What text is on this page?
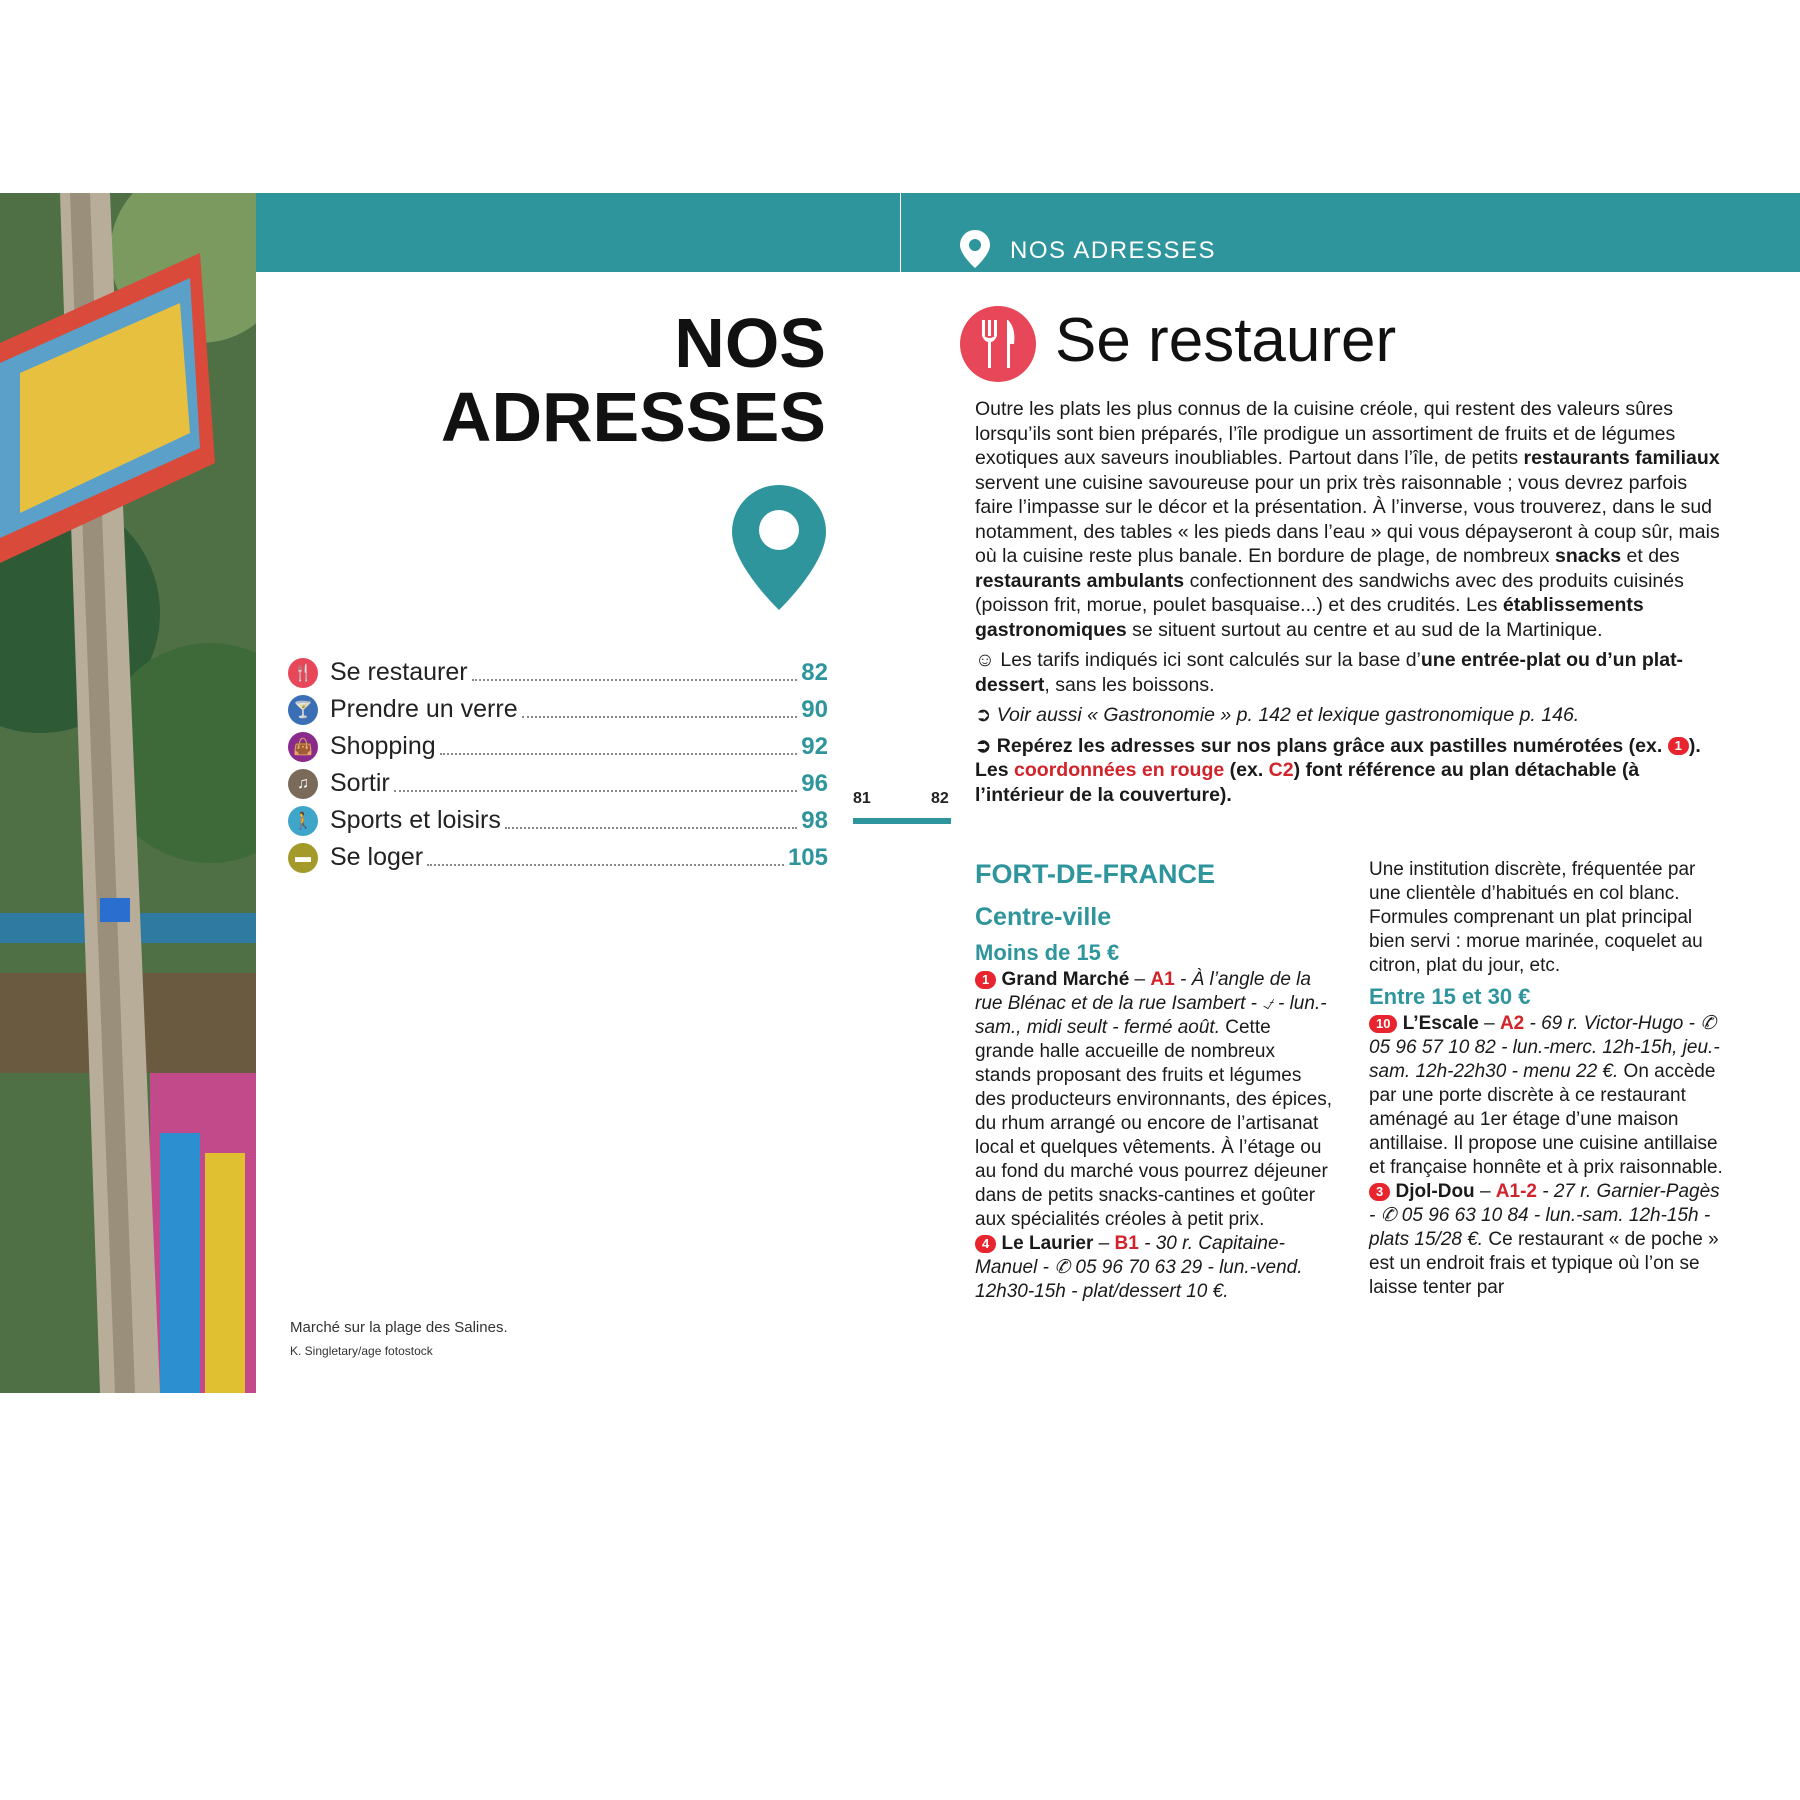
NOS ADRESSES
NOS
ADRESSES
🍴 Se restaurer	82
🍸 Prendre un verre	90
👜 Shopping	92
♫ Sortir	96
🚶 Sports et loisirs	98
▬ Se loger	105
Marché sur la plage des Salines.
K. Singletary/age fotostock
81	82
Se restaurer

Outre les plats les plus connus de la cuisine créole, qui restent des valeurs sûres lorsqu’ils sont bien préparés, l’île prodigue un assortiment de fruits et de légumes exotiques aux saveurs inoubliables. Partout dans l’île, de petits restaurants familiaux servent une cuisine savoureuse pour un prix très raisonnable ; vous devrez parfois faire l’impasse sur le décor et la présentation. À l’inverse, vous trouverez, dans le sud notamment, des tables « les pieds dans l’eau » qui vous dépayseront à coup sûr, mais où la cuisine reste plus banale. En bordure de plage, de nombreux snacks et des restaurants ambulants confectionnent des sandwichs avec des produits cuisinés (poisson frit, morue, poulet basquaise...) et des crudités. Les établissements gastronomiques se situent surtout au centre et au sud de la Martinique.

☺ Les tarifs indiqués ici sont calculés sur la base d’une entrée-plat ou d’un plat-dessert, sans les boissons.

➲ Voir aussi « Gastronomie » p. 142 et lexique gastronomique p. 146.

➲ Repérez les adresses sur nos plans grâce aux pastilles numérotées (ex. 1 ).
Les coordonnées en rouge (ex. C2) font référence au plan détachable (à l’intérieur de la couverture).

FORT-DE-FRANCE
Centre-ville
Moins de 15 €

1 Grand Marché – A1 - À l’angle de la rue Blénac et de la rue Isambert - ⍻ - lun.-sam., midi seult - fermé août. Cette grande halle accueille de nombreux stands proposant des fruits et légumes des producteurs environnants, des épices, du rhum arrangé ou encore de l’artisanat local et quelques vêtements. À l’étage ou au fond du marché vous pourrez déjeuner dans de petits snacks-cantines et goûter aux spécialités créoles à petit prix.

4 Le Laurier – B1 - 30 r. Capitaine-Manuel - ✆ 05 96 70 63 29 - lun.-vend. 12h30-15h - plat/dessert 10 €.

Une institution discrète, fréquentée par une clientèle d’habitués en col blanc. Formules comprenant un plat principal bien servi : morue marinée, coquelet au citron, plat du jour, etc.

Entre 15 et 30 €

10 L’Escale – A2 - 69 r. Victor-Hugo - ✆ 05 96 57 10 82 - lun.-merc. 12h-15h, jeu.-sam. 12h-22h30 - menu 22 €. On accède par une porte discrète à ce restaurant aménagé au 1er étage d’une maison antillaise. Il propose une cuisine antillaise et française honnête et à prix raisonnable.

3 Djol-Dou – A1-2 - 27 r. Garnier-Pagès - ✆ 05 96 63 10 84 - lun.-sam. 12h-15h - plats 15/28 €. Ce restaurant « de poche » est un endroit frais et typique où l’on se laisse tenter par
